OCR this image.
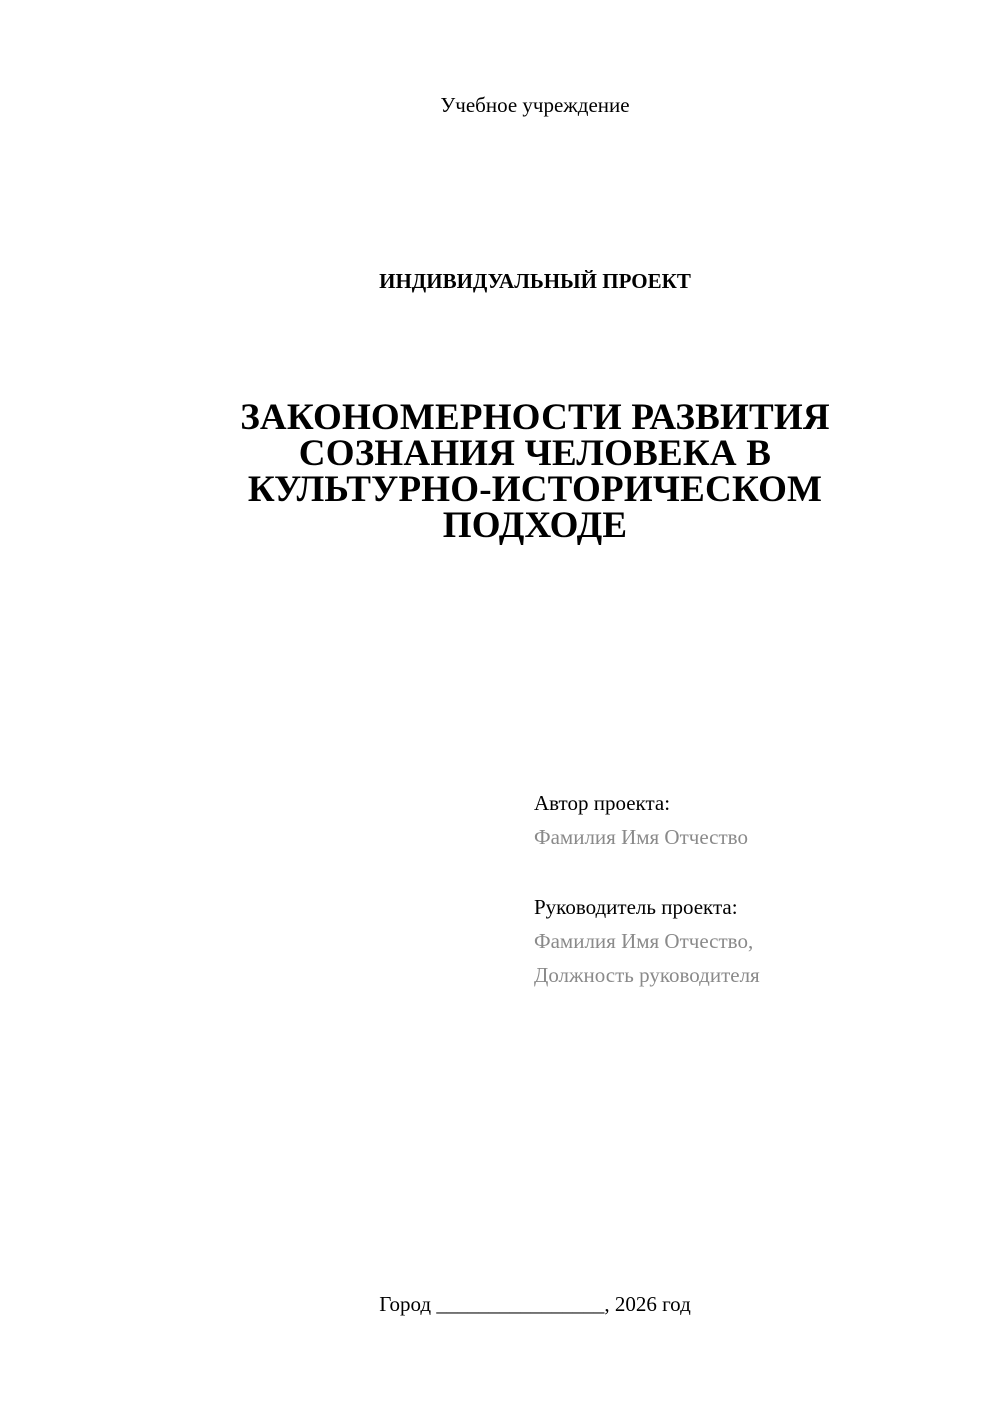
Учебное учреждение
ИНДИВИДУАЛЬНЫЙ ПРОЕКТ
ЗАКОНОМЕРНОСТИ РАЗВИТИЯ СОЗНАНИЯ ЧЕЛОВЕКА В КУЛЬТУРНО-ИСТОРИЧЕСКОМ ПОДХОДЕ
Автор проекта:
Фамилия Имя Отчество
Руководитель проекта:
Фамилия Имя Отчество,
Должность руководителя
Город ________________, 2026 год
